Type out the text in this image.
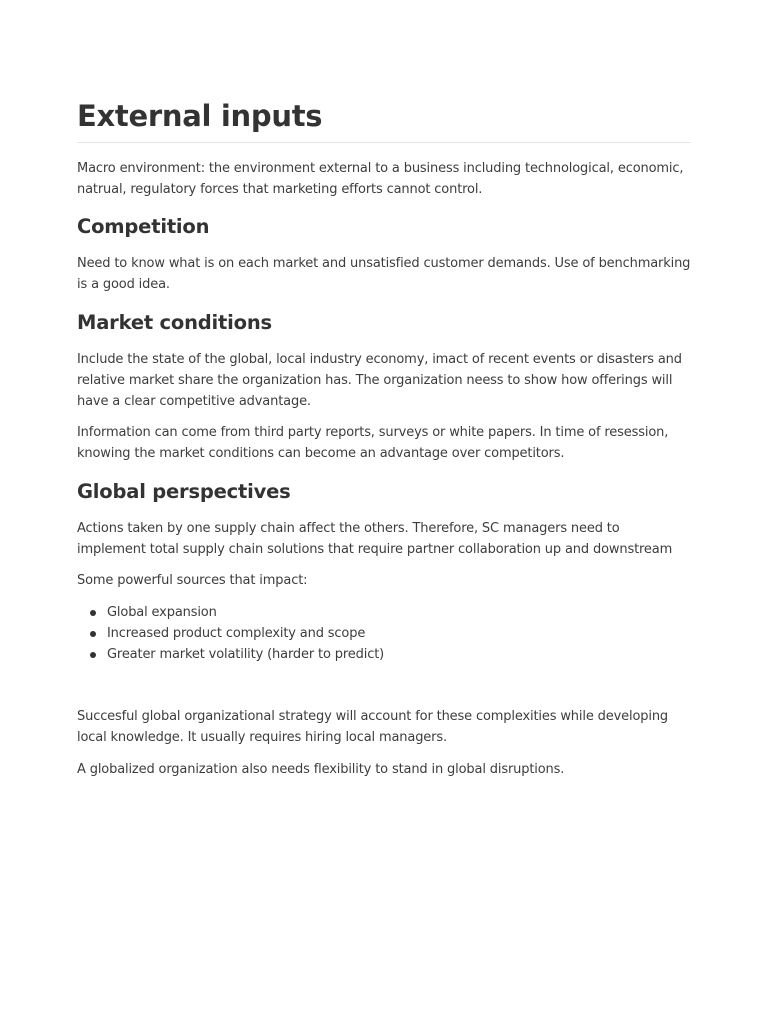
External inputs

Macro environment: the environment external to a business including technological, economic, natrual, regulatory forces that marketing efforts cannot control.

Competition

Need to know what is on each market and unsatisfied customer demands. Use of benchmarking is a good idea.

Market conditions

Include the state of the global, local industry economy, imact of recent events or disasters and relative market share the organization has. The organization neess to show how offerings will have a clear competitive advantage.

Information can come from third party reports, surveys or white papers. In time of resession, knowing the market conditions can become an advantage over competitors.

Global perspectives

Actions taken by one supply chain affect the others. Therefore, SC managers need to implement total supply chain solutions that require partner collaboration up and downstream

Some powerful sources that impact:

Global expansion
Increased product complexity and scope
Greater market volatility (harder to predict)

Succesful global organizational strategy will account for these complexities while developing local knowledge. It usually requires hiring local managers.

A globalized organization also needs flexibility to stand in global disruptions.
